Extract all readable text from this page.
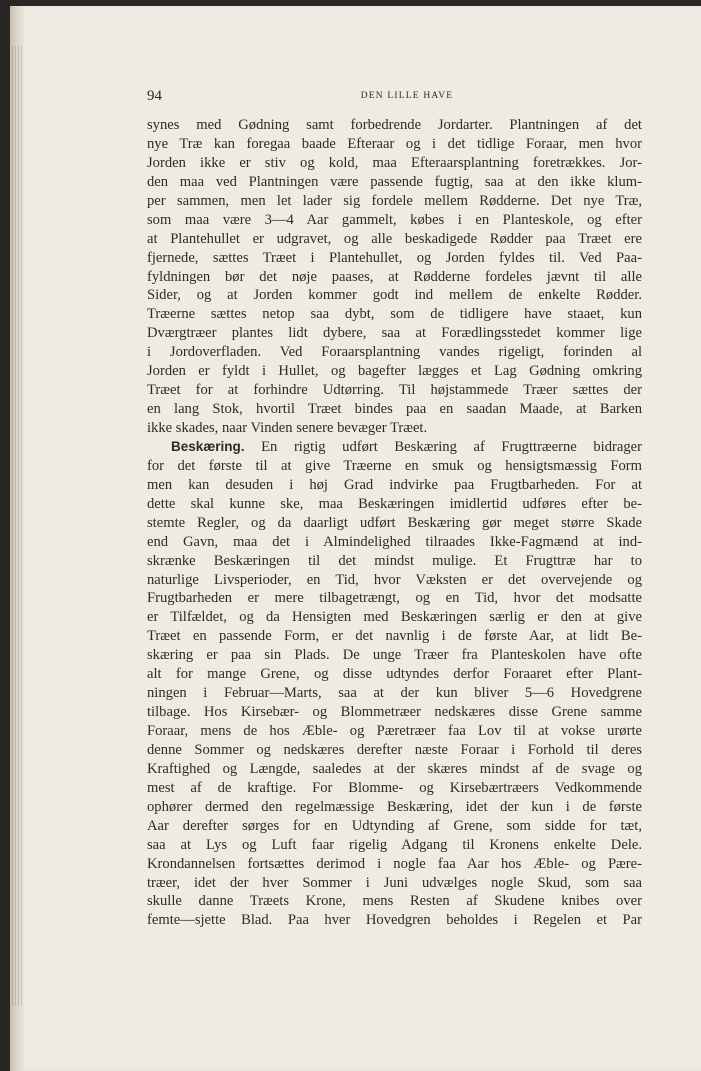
94	DEN LILLE HAVE
synes med Gødning samt forbedrende Jordarter. Plantningen af det
nye Træ kan foregaa baade Efteraar og i det tidlige Foraar, men hvor
Jorden ikke er stiv og kold, maa Efteraarsplantning foretrækkes. Jor-
den maa ved Plantningen være passende fugtig, saa at den ikke klum-
per sammen, men let lader sig fordele mellem Rødderne. Det nye Træ,
som maa være 3—4 Aar gammelt, købes i en Planteskole, og efter
at Plantehullet er udgravet, og alle beskadigede Rødder paa Træet ere
fjernede, sættes Træet i Plantehullet, og Jorden fyldes til. Ved Paa-
fyldningen bør det nøje paases, at Rødderne fordeles jævnt til alle
Sider, og at Jorden kommer godt ind mellem de enkelte Rødder.
Træerne sættes netop saa dybt, som de tidligere have staaet, kun
Dværgtræer plantes lidt dybere, saa at Forædlingsstedet kommer lige
i Jordoverfladen. Ved Foraarsplantning vandes rigeligt, forinden al
Jorden er fyldt i Hullet, og bagefter lægges et Lag Gødning omkring
Træet for at forhindre Udtørring. Til højstammede Træer sættes der
en lang Stok, hvortil Træet bindes paa en saadan Maade, at Barken
ikke skades, naar Vinden senere bevæger Træet.
Beskæring. En rigtig udført Beskæring af Frugttræerne bidrager
for det første til at give Træerne en smuk og hensigtsmæssig Form
men kan desuden i høj Grad indvirke paa Frugtbarheden. For at
dette skal kunne ske, maa Beskæringen imidlertid udføres efter be-
stemte Regler, og da daarligt udført Beskæring gør meget større Skade
end Gavn, maa det i Almindelighed tilraades Ikke-Fagmænd at ind-
skrænke Beskæringen til det mindst mulige. Et Frugttræ har to
naturlige Livsperioder, en Tid, hvor Væksten er det overvejende og
Frugtbarheden er mere tilbagetrængt, og en Tid, hvor det modsatte
er Tilfældet, og da Hensigten med Beskæringen særlig er den at give
Træet en passende Form, er det navnlig i de første Aar, at lidt Be-
skæring er paa sin Plads. De unge Træer fra Planteskolen have ofte
alt for mange Grene, og disse udtyndes derfor Foraaret efter Plant-
ningen i Februar—Marts, saa at der kun bliver 5—6 Hovedgrene
tilbage. Hos Kirsebær- og Blommetræer nedskæres disse Grene samme
Foraar, mens de hos Æble- og Pæretræer faa Lov til at vokse urørte
denne Sommer og nedskæres derefter næste Foraar i Forhold til deres
Kraftighed og Længde, saaledes at der skæres mindst af de svage og
mest af de kraftige. For Blomme- og Kirsebærtræers Vedkommende
ophører dermed den regelmæssige Beskæring, idet der kun i de første
Aar derefter sørges for en Udtynding af Grene, som sidde for tæt,
saa at Lys og Luft faar rigelig Adgang til Kronens enkelte Dele.
Krondannelsen fortsættes derimod i nogle faa Aar hos Æble- og Pære-
træer, idet der hver Sommer i Juni udvælges nogle Skud, som saa
skulle danne Træets Krone, mens Resten af Skudene knibes over
femte—sjette Blad. Paa hver Hovedgren beholdes i Regelen et Par
